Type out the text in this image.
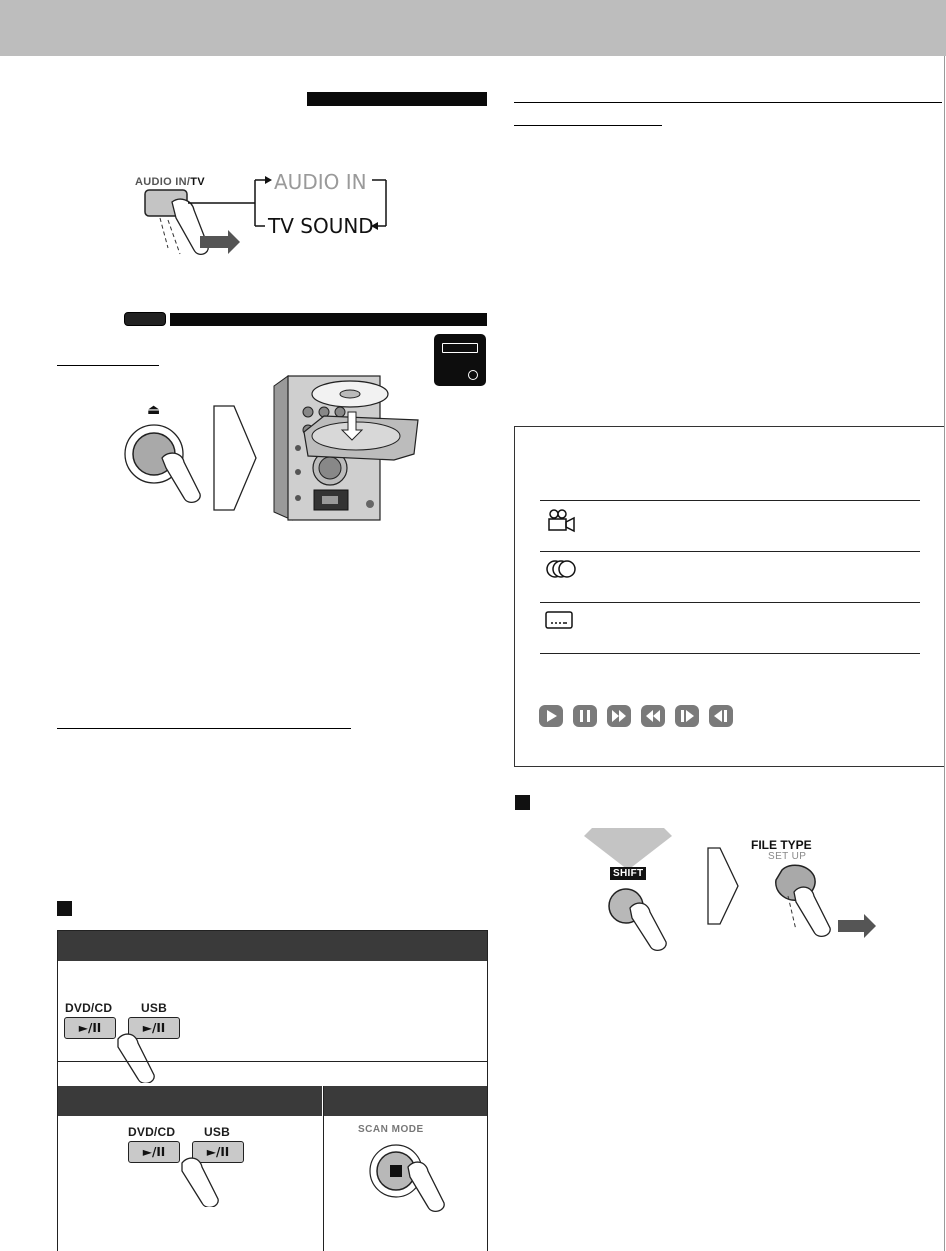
AUDIO IN/TV	AUDIO IN
TV SOUND
⏏
DVD/CD USB
►/II	►/II
DVD/CD USB
►/II	►/II
SCAN MODE
SHIFT
FILE TYPE
SET UP
